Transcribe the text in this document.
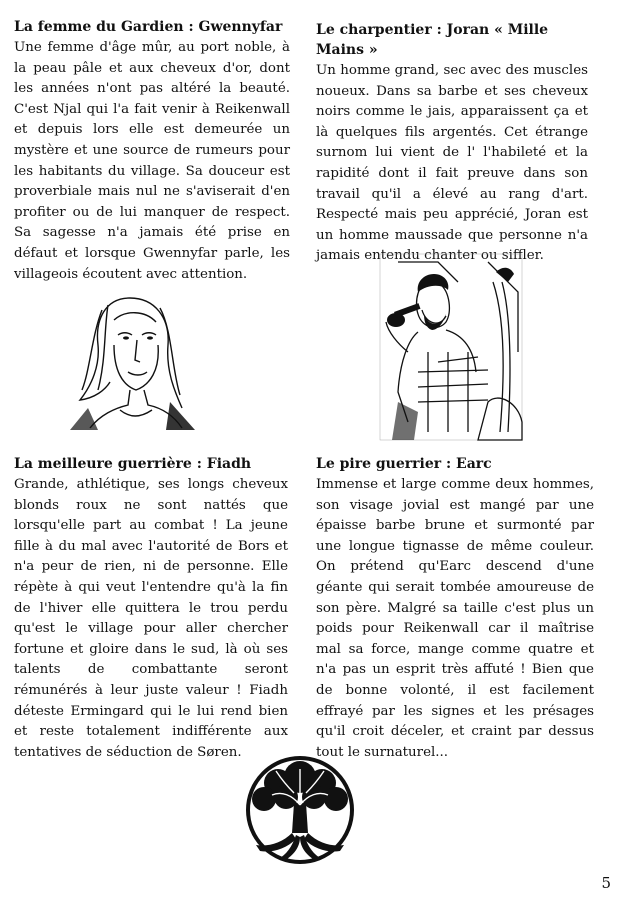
La femme du Gardien : Gwennyfar

Une femme d'âge mûr, au port noble, à la peau pâle et aux cheveux d'or, dont les années n'ont pas altéré la beauté. C'est Njal qui l'a fait venir à Reikenwall et depuis lors elle est demeurée un mystère et une source de rumeurs pour les habitants du village. Sa douceur est proverbiale mais nul ne s'aviserait d'en profiter ou de lui manquer de respect. Sa sagesse n'a jamais été prise en défaut et lorsque Gwennyfar parle, les villageois écoutent avec attention.

Le charpentier : Joran « Mille Mains »

Un homme grand, sec avec des muscles noueux. Dans sa barbe et ses cheveux noirs comme le jais, apparaissent ça et là quelques fils argentés. Cet étrange surnom lui vient de l' l'habileté et la rapidité dont il fait preuve dans son travail qu'il a élevé au rang d'art. Respecté mais peu apprécié, Joran est un homme maussade que personne n'a jamais entendu chanter ou siffler.

La meilleure guerrière : Fiadh

Grande, athlétique, ses longs cheveux blonds roux ne sont nattés que lorsqu'elle part au combat ! La jeune fille à du mal avec l'autorité de Bors et n'a peur de rien, ni de personne. Elle répète à qui veut l'entendre qu'à la fin de l'hiver elle quittera le trou perdu qu'est le village pour aller chercher fortune et gloire dans le sud, là où ses talents de combattante seront rémunérés à leur juste valeur ! Fiadh déteste Ermingard qui le lui rend bien et reste totalement indifférente aux tentatives de séduction de Søren.

Le pire guerrier : Earc

Immense et large comme deux hommes, son visage jovial est mangé par une épaisse barbe brune et surmonté par une longue tignasse de même couleur. On prétend qu'Earc descend d'une géante qui serait tombée amoureuse de son père. Malgré sa taille c'est plus un poids pour Reikenwall car il maîtrise mal sa force, mange comme quatre et n'a pas un esprit très affuté ! Bien que de bonne volonté, il est facilement effrayé par les signes et les présages qu'il croit déceler, et craint par dessus tout le surnaturel...

5
